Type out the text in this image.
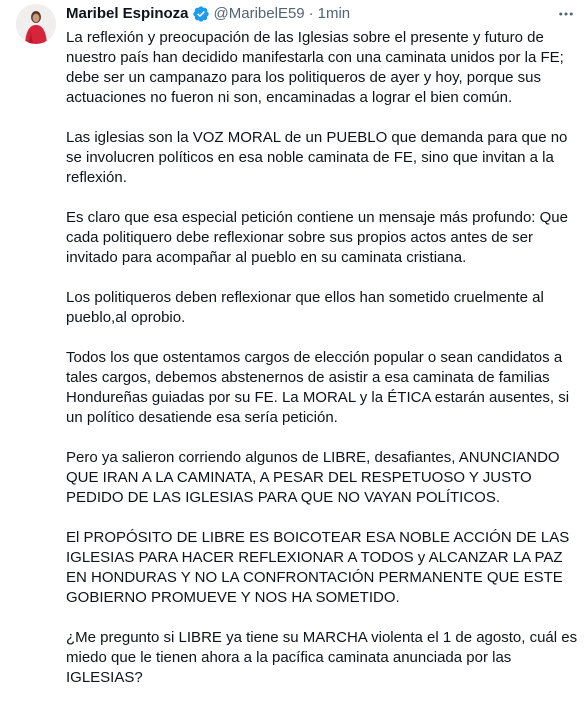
Maribel Espinoza @MaribelE59 · 1min

La reflexión y preocupación de las Iglesias sobre el presente y futuro de nuestro país han decidido manifestarla con una caminata unidos por la FE; debe ser un campanazo para los politiqueros de ayer y hoy, porque sus actuaciones no fueron ni son, encaminadas a lograr el bien común.

Las iglesias son la VOZ MORAL de un PUEBLO que demanda para que no se involucren políticos en esa noble caminata de FE, sino que invitan a la reflexión.

Es claro que esa especial petición contiene un mensaje más profundo: Que cada politiquero debe reflexionar sobre sus propios actos antes de ser invitado para acompañar al pueblo en su caminata cristiana.

Los politiqueros deben reflexionar que ellos han sometido cruelmente al pueblo,al oprobio.

Todos los que ostentamos cargos de elección popular o sean candidatos a tales cargos, debemos abstenernos de asistir a esa caminata de familias Hondureñas guiadas por su FE. La MORAL y la ÉTICA estarán ausentes, si un político desatiende esa sería petición.

Pero ya salieron corriendo algunos de LIBRE, desafiantes, ANUNCIANDO QUE IRAN A LA CAMINATA, A PESAR DEL RESPETUOSO Y JUSTO PEDIDO DE LAS IGLESIAS PARA QUE NO VAYAN POLÍTICOS.

El PROPÓSITO DE LIBRE ES BOICOTEAR ESA NOBLE ACCIÓN DE LAS IGLESIAS PARA HACER REFLEXIONAR A TODOS y ALCANZAR LA PAZ EN HONDURAS Y NO LA CONFRONTACIÓN PERMANENTE QUE ESTE GOBIERNO PROMUEVE Y NOS HA SOMETIDO.

¿Me pregunto si LIBRE ya tiene su MARCHA violenta el 1 de agosto, cuál es miedo que le tienen ahora a la pacífica caminata anunciada por las IGLESIAS?
